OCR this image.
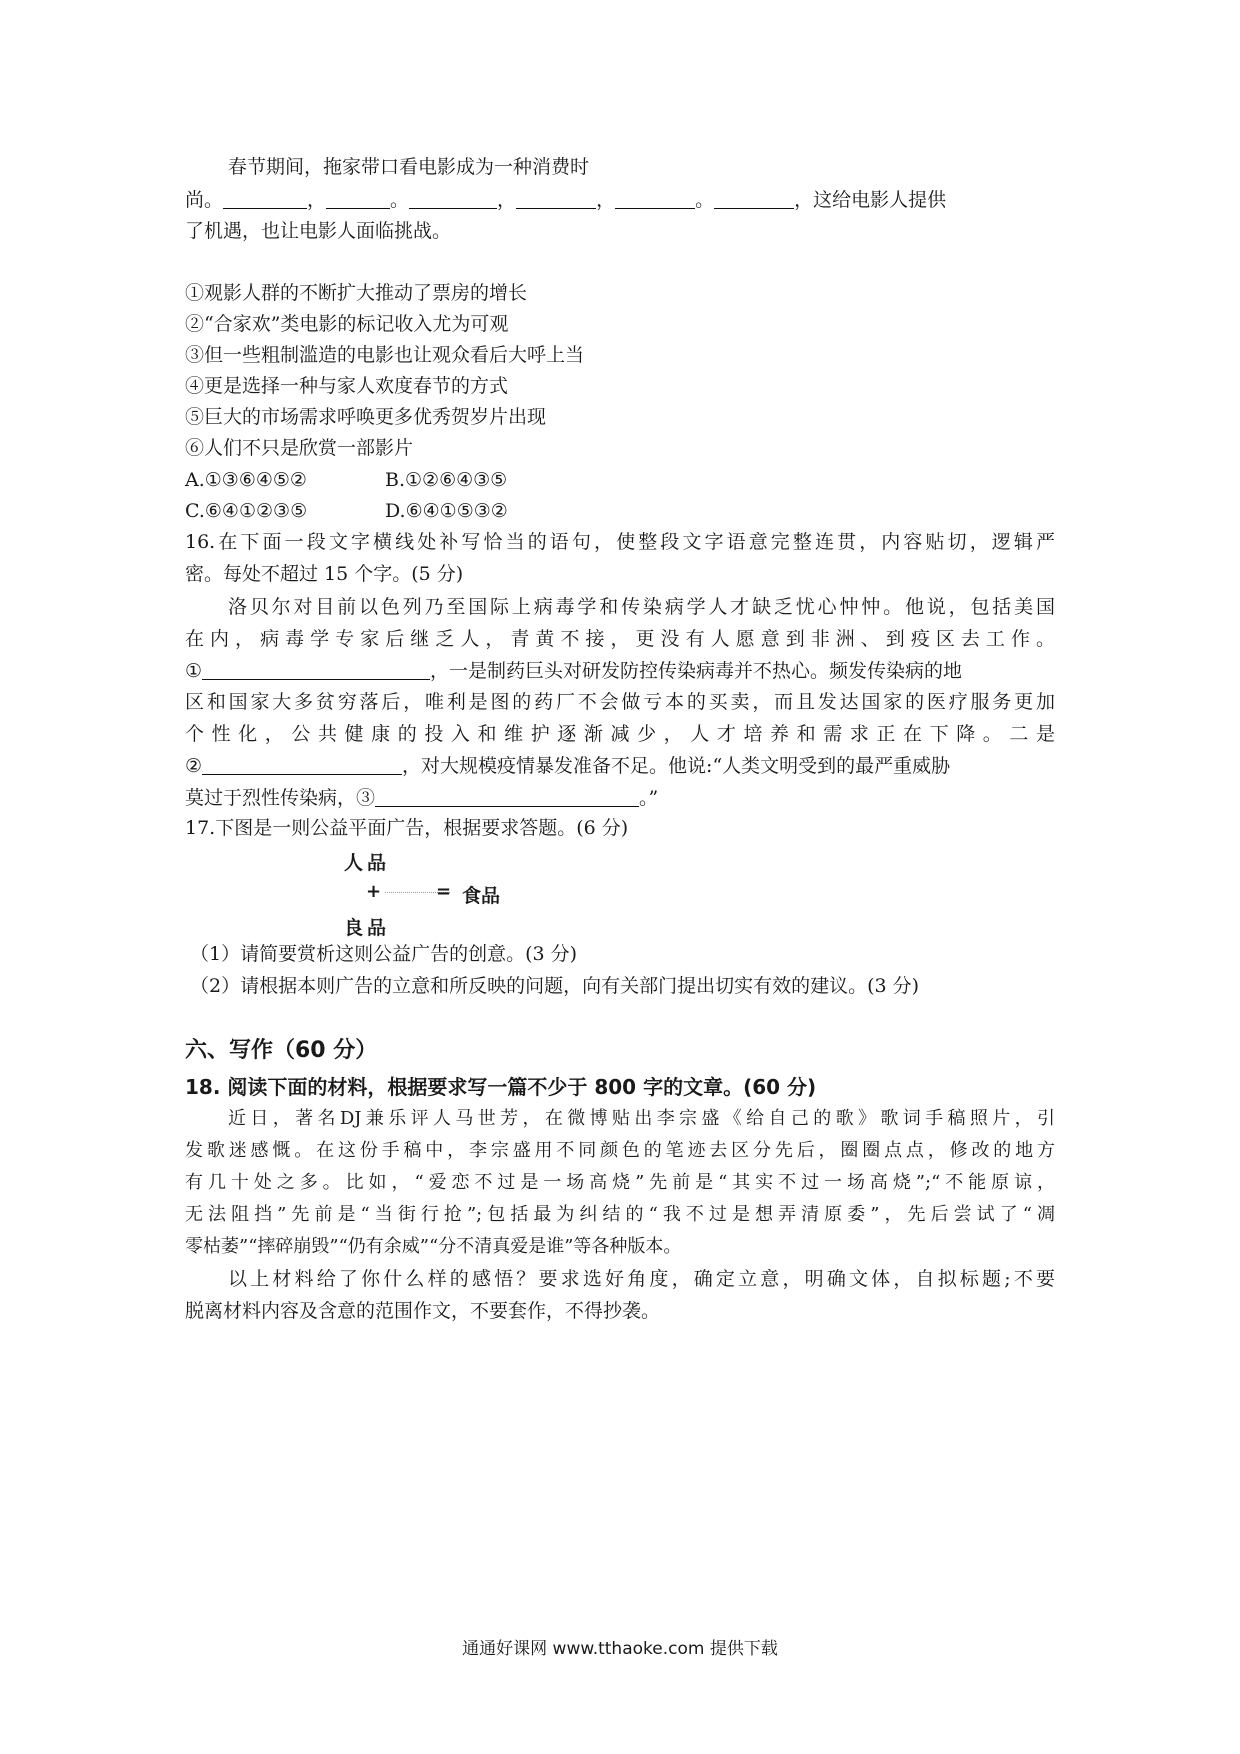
春节期间，拖家带口看电影成为一种消费时
尚。	，	。	，	，	。	，这给电影人提供
了机遇，也让电影人面临挑战。
①观影人群的不断扩大推动了票房的增长
②“合家欢”类电影的标记收入尤为可观
③但一些粗制滥造的电影也让观众看后大呼上当
④更是选择一种与家人欢度春节的方式
⑤巨大的市场需求呼唤更多优秀贺岁片出现
⑥人们不只是欣赏一部影片
A.①③⑥④⑤②	B.①②⑥④③⑤
C.⑥④①②③⑤	D.⑥④①⑤③②
16.在下面一段文字横线处补写恰当的语句，使整段文字语意完整连贯，内容贴切，逻辑严
密。每处不超过 15 个字。(5 分)
洛贝尔对目前以色列乃至国际上病毒学和传染病学人才缺乏忧心忡忡。他说，包括美国
在内，病毒学专家后继乏人，青黄不接，更没有人愿意到非洲、到疫区去工作。
①	，一是制药巨头对研发防控传染病毒并不热心。频发传染病的地
区和国家大多贫穷落后，唯利是图的药厂不会做亏本的买卖，而且发达国家的医疗服务更加
个性化，公共健康的投入和维护逐渐减少，人才培养和需求正在下降。二是
②	，对大规模疫情暴发准备不足。他说:“人类文明受到的最严重威胁
莫过于烈性传染病，③	。”
17.下图是一则公益平面广告，根据要求答题。(6 分)
人品
+	= 食品
良品
（1）请简要赏析这则公益广告的创意。(3 分)
（2）请根据本则广告的立意和所反映的问题，向有关部门提出切实有效的建议。(3 分)
六、写作（60 分）
18. 阅读下面的材料，根据要求写一篇不少于 800 字的文章。(60 分)
近日，著名DJ兼乐评人马世芳，在微博贴出李宗盛《给自己的歌》歌词手稿照片，引
发歌迷感慨。在这份手稿中，李宗盛用不同颜色的笔迹去区分先后，圈圈点点，修改的地方
有几十处之多。比如，“爱恋不过是一场高烧”先前是“其实不过一场高烧”;“不能原谅，
无法阻挡”先前是“当街行抢”;包括最为纠结的“我不过是想弄清原委”，先后尝试了“凋
零枯萎”“摔碎崩毁”“仍有余威”“分不清真爱是谁”等各种版本。
以上材料给了你什么样的感悟？要求选好角度，确定立意，明确文体，自拟标题;不要
脱离材料内容及含意的范围作文，不要套作，不得抄袭。
通通好课网 www.tthaoke.com 提供下载
